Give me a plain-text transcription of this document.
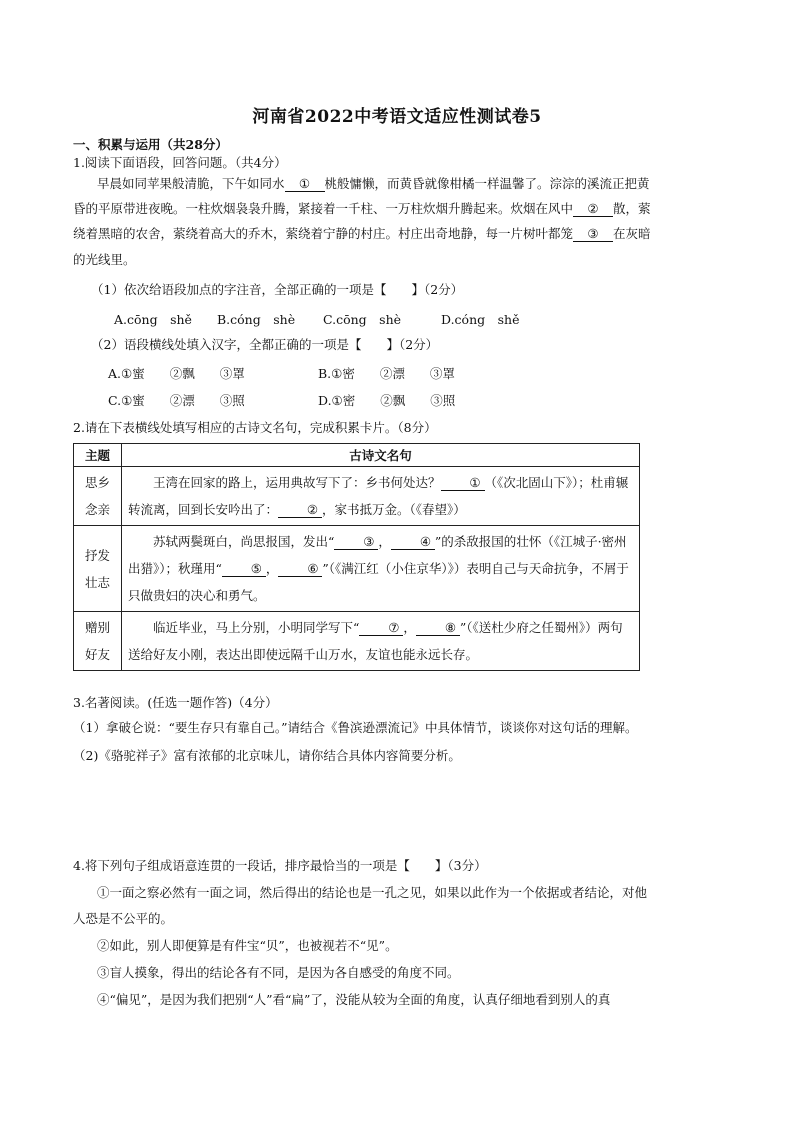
河南省2022中考语文适应性测试卷5
一、积累与运用（共28分）
1.阅读下面语段，回答问题。（共4分）
早晨如同苹果般清脆，下午如同水 ① 桃般慵懒，而黄昏就像柑橘一样温馨了。淙淙的溪流正把黄
昏的平原带进夜晚。一柱炊烟袅袅升腾，紧接着一千柱、一万柱炊烟升腾起来。炊烟在风中 ② 散，萦
绕着黑暗的农舍，萦绕着高大的乔木，萦绕着宁静的村庄。村庄出奇地静，每一片树叶都笼 ③ 在灰暗
的光线里。
（1）依次给语段加点的字注音，全部正确的一项是【　　】（2分）
A.cōng　shě B.cóng　shè C.cōng　shè	D.cóng　shě
（2）语段横线处填入汉字，全都正确的一项是【　　】（2分）
A.①蜜　　②飘　　③罩	B.①密　　②漂　　③罩
C.①蜜　　②漂　　③照	D.①密　　②飘　　③照
2.请在下表横线处填写相应的古诗文名句，完成积累卡片。（8分）
主题	古诗文名句

思乡
念亲	王湾在回家的路上，运用典故写下了：乡书何处达？ ① （《次北固山下》）；杜甫辗转流离，回到长安吟出了： ② ，家书抵万金。（《春望》）

抒发
壮志	苏轼两鬓斑白，尚思报国，发出“ ③ ， ④ ”的杀敌报国的壮怀（《江城子·密州出猎》）；秋瑾用“ ⑤ ， ⑥ ”（《满江红（小住京华）》）表明自己与天命抗争，不屑于只做贵妇的决心和勇气。

赠别
好友	临近毕业，马上分别，小明同学写下“ ⑦ ， ⑧ ”（《送杜少府之任蜀州》）两句送给好友小刚，表达出即使远隔千山万水，友谊也能永远长存。
3.名著阅读。(任选一题作答)（4分）
（1）拿破仑说：“要生存只有靠自己。”请结合《鲁滨逊漂流记》中具体情节，谈谈你对这句话的理解。
（2)《骆驼祥子》富有浓郁的北京味儿，请你结合具体内容简要分析。
4.将下列句子组成语意连贯的一段话，排序最恰当的一项是【　　】（3分）
①一面之察必然有一面之词，然后得出的结论也是一孔之见，如果以此作为一个依据或者结论，对他
人恐是不公平的。
②如此，别人即便算是有件宝“贝”，也被视若不“见”。
③盲人摸象，得出的结论各有不同，是因为各自感受的角度不同。
④“偏见”，是因为我们把别“人”看“扁”了，没能从较为全面的角度，认真仔细地看到别人的真
